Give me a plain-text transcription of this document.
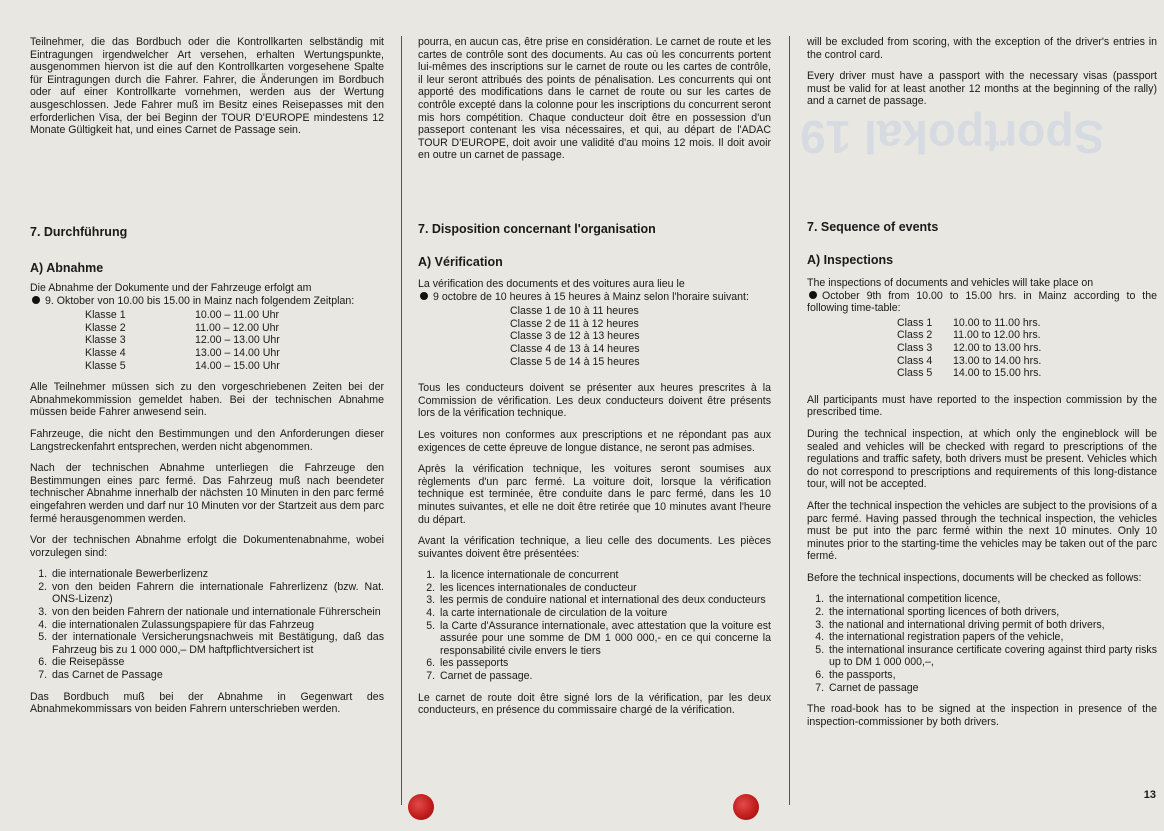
Sportpokal 19

Teilnehmer, die das Bordbuch oder die Kontrollkarten selbständig mit Eintragungen irgendwelcher Art versehen, erhalten Wertungspunkte, ausgenommen hiervon ist die auf den Kontrollkarten vorgesehene Spalte für Eintragungen durch die Fahrer. Fahrer, die Änderungen im Bordbuch oder auf einer Kontrollkarte vornehmen, werden aus der Wertung ausgeschlossen. Jede Fahrer muß im Besitz eines Reisepasses mit den erforderlichen Visa, der bei Beginn der TOUR D'EUROPE mindestens 12 Monate Gültigkeit hat, und eines Carnet de Passage sein.

7. Durchführung
A) Abnahme
Die Abnahme der Dokumente und der Fahrzeuge erfolgt am
9. Oktober von 10.00 bis 15.00 in Mainz nach folgendem Zeitplan:
Klasse 1	10.00 – 11.00 Uhr
Klasse 2	11.00 – 12.00 Uhr
Klasse 3	12.00 – 13.00 Uhr
Klasse 4	13.00 – 14.00 Uhr
Klasse 5	14.00 – 15.00 Uhr

Alle Teilnehmer müssen sich zu den vorgeschriebenen Zeiten bei der Abnahmekommission gemeldet haben. Bei der technischen Abnahme müssen beide Fahrer anwesend sein.

Fahrzeuge, die nicht den Bestimmungen und den Anforderungen dieser Langstreckenfahrt entsprechen, werden nicht abgenommen.

Nach der technischen Abnahme unterliegen die Fahrzeuge den Bestimmungen eines parc fermé. Das Fahrzeug muß nach beendeter technischer Abnahme innerhalb der nächsten 10 Minuten in den parc fermé eingefahren werden und darf nur 10 Minuten vor der Startzeit aus dem parc fermé herausgenommen werden.

Vor der technischen Abnahme erfolgt die Dokumentenabnahme, wobei vorzulegen sind:

1. die internationale Bewerberlizenz
2. von den beiden Fahrern die internationale Fahrerlizenz (bzw. Nat. ONS-Lizenz)
3. von den beiden Fahrern der nationale und internationale Führerschein
4. die internationalen Zulassungspapiere für das Fahrzeug
5. der internationale Versicherungsnachweis mit Bestätigung, daß das Fahrzeug bis zu 1 000 000,– DM haftpflichtversichert ist
6. die Reisepässe
7. das Carnet de Passage

Das Bordbuch muß bei der Abnahme in Gegenwart des Abnahmekommissars von beiden Fahrern unterschrieben werden.

pourra, en aucun cas, être prise en considération. Le carnet de route et les cartes de contrôle sont des documents. Au cas où les concurrents portent lui-mêmes des inscriptions sur le carnet de route ou les cartes de contrôle, il leur seront attribués des points de pénalisation. Les concurrents qui ont apporté des modifications dans le carnet de route ou sur les cartes de contrôle excepté dans la colonne pour les inscriptions du concurrent seront mis hors compétition. Chaque conducteur doit être en possession d'un passeport contenant les visa nécessaires, et qui, au départ de l'ADAC TOUR D'EUROPE, doit avoir une validité d'au moins 12 mois. Il doit avoir en outre un carnet de passage.

7. Disposition concernant l'organisation
A) Vérification
La vérification des documents et des voitures aura lieu le
9 octobre de 10 heures à 15 heures à Mainz selon l'horaire suivant:
Classe 1 de 10 à 11 heures
Classe 2 de 11 à 12 heures
Classe 3 de 12 à 13 heures
Classe 4 de 13 à 14 heures
Classe 5 de 14 à 15 heures

Tous les conducteurs doivent se présenter aux heures prescrites à la Commission de vérification. Les deux conducteurs doivent être présents lors de la vérification technique.

Les voitures non conformes aux prescriptions et ne répondant pas aux exigences de cette épreuve de longue distance, ne seront pas admises.

Après la vérification technique, les voitures seront soumises aux règlements d'un parc fermé. La voiture doit, lorsque la vérification technique est terminée, être conduite dans le parc fermé, dans les 10 minutes suivantes, et elle ne doit être retirée que 10 minutes avant l'heure du départ.

Avant la vérification technique, a lieu celle des documents. Les pièces suivantes doivent être présentées:

1. la licence internationale de concurrent
2. les licences internationales de conducteur
3. les permis de conduire national et international des deux conducteurs
4. la carte internationale de circulation de la voiture
5. la Carte d'Assurance internationale, avec attestation que la voiture est assurée pour une somme de DM 1 000 000,- en ce qui concerne la responsabilité civile envers le tiers
6. les passeports
7. Carnet de passage.

Le carnet de route doit être signé lors de la vérification, par les deux conducteurs, en présence du commissaire chargé de la vérification.

will be excluded from scoring, with the exception of the driver's entries in the control card.

Every driver must have a passport with the necessary visas (passport must be valid for at least another 12 months at the beginning of the rally) and a carnet de passage.

7. Sequence of events
A) Inspections
The inspections of documents and vehicles will take place on
October 9th from 10.00 to 15.00 hrs. in Mainz according to the following time-table:
Class 1	10.00 to 11.00 hrs.
Class 2	11.00 to 12.00 hrs.
Class 3	12.00 to 13.00 hrs.
Class 4	13.00 to 14.00 hrs.
Class 5	14.00 to 15.00 hrs.

All participants must have reported to the inspection commission by the prescribed time.

During the technical inspection, at which only the engineblock will be sealed and vehicles will be checked with regard to prescriptions of the regulations and traffic safety, both drivers must be present. Vehicles which do not correspond to prescriptions and requirements of this long-distance tour, will not be accepted.

After the technical inspection the vehicles are subject to the provisions of a parc fermé. Having passed through the technical inspection, the vehicles must be put into the parc fermé within the next 10 minutes. Only 10 minutes prior to the starting-time the vehicles may be taken out of the parc fermé.

Before the technical inspections, documents will be checked as follows:

1. the international competition licence,
2. the international sporting licences of both drivers,
3. the national and international driving permit of both drivers,
4. the international registration papers of the vehicle,
5. the international insurance certificate covering against third party risks up to DM 1 000 000,–,
6. the passports,
7. Carnet de passage

The road-book has to be signed at the inspection in presence of the inspection-commissioner by both drivers.

13
